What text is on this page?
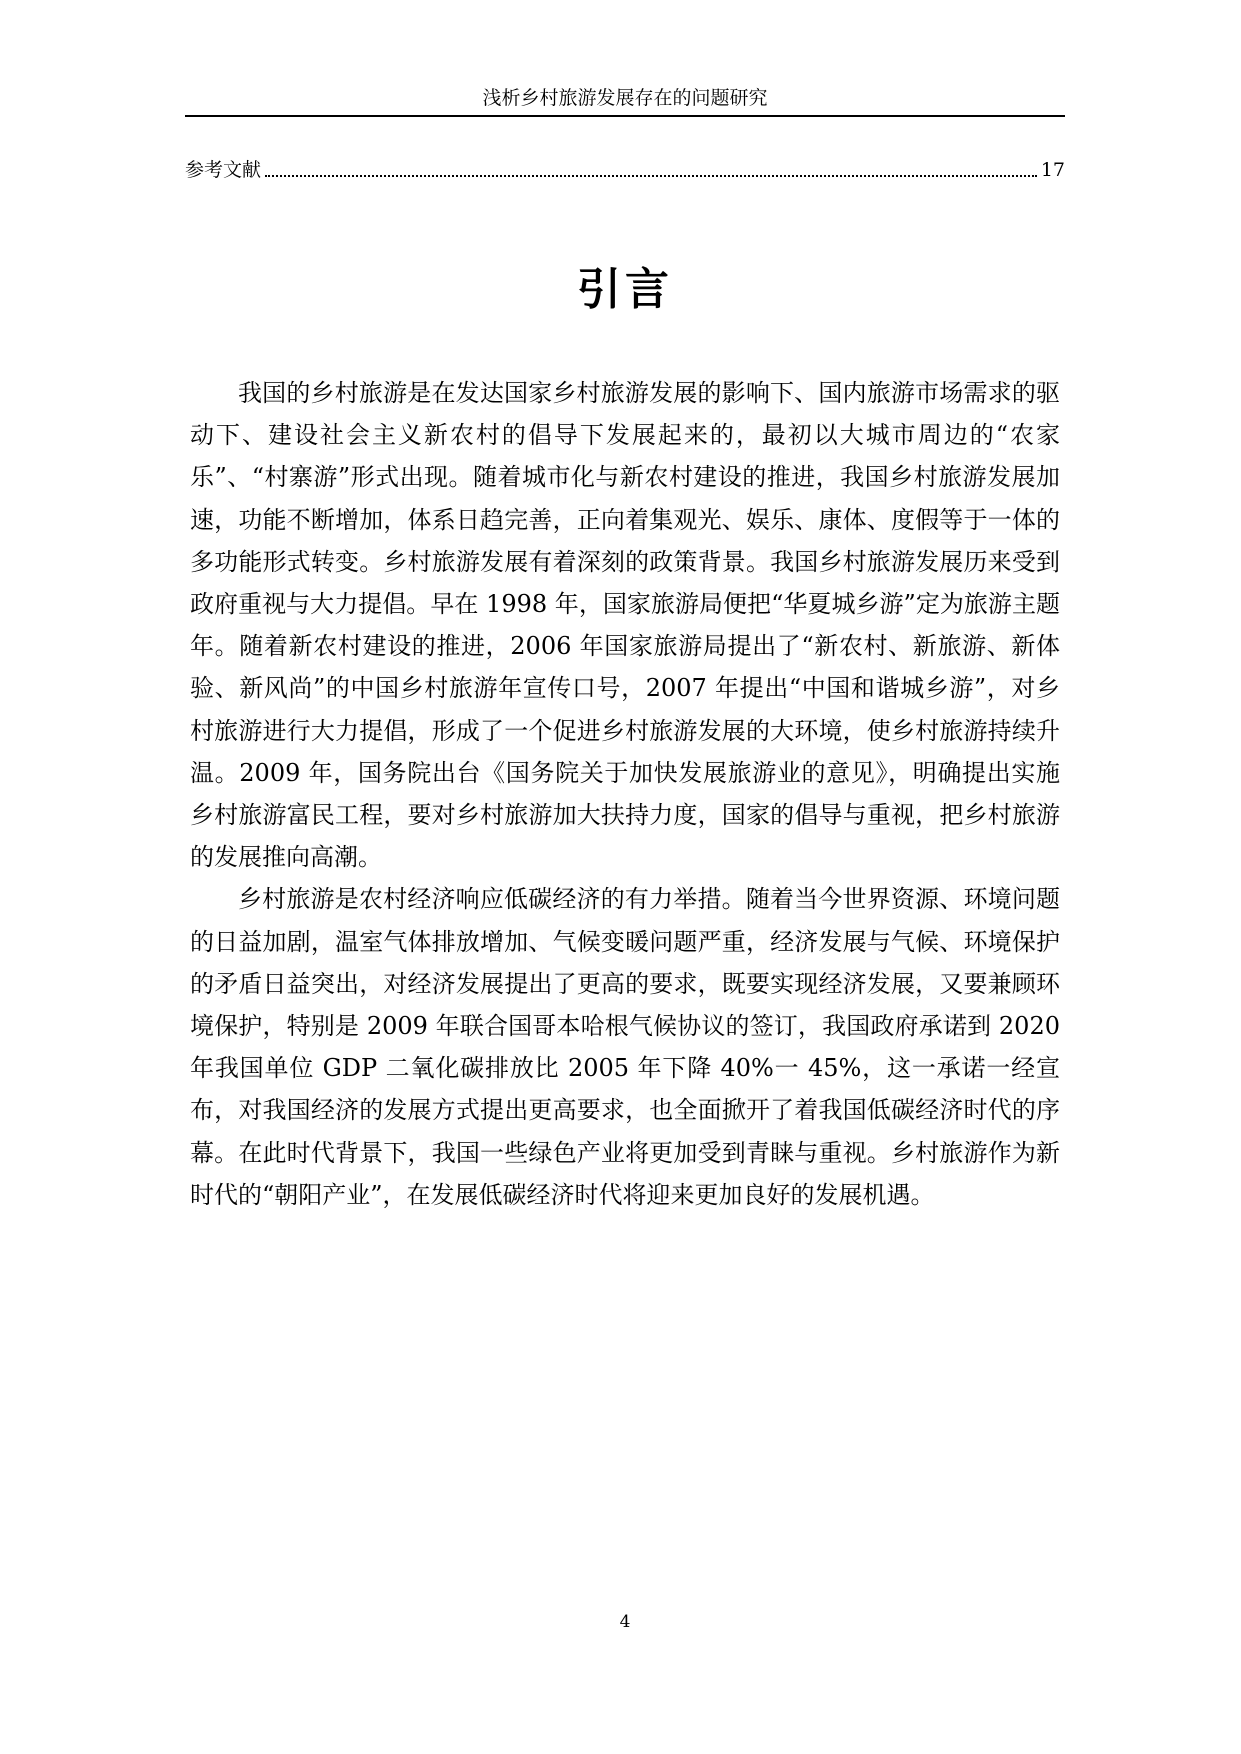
浅析乡村旅游发展存在的问题研究
参考文献	17
引言

我国的乡村旅游是在发达国家乡村旅游发展的影响下、国内旅游市场需求的驱动下、建设社会主义新农村的倡导下发展起来的，最初以大城市周边的“农家乐”、“村寨游”形式出现。随着城市化与新农村建设的推进，我国乡村旅游发展加速，功能不断增加，体系日趋完善，正向着集观光、娱乐、康体、度假等于一体的多功能形式转变。乡村旅游发展有着深刻的政策背景。我国乡村旅游发展历来受到政府重视与大力提倡。早在 1998 年，国家旅游局便把“华夏城乡游”定为旅游主题年。随着新农村建设的推进，2006 年国家旅游局提出了“新农村、新旅游、新体验、新风尚”的中国乡村旅游年宣传口号，2007 年提出“中国和谐城乡游”，对乡村旅游进行大力提倡，形成了一个促进乡村旅游发展的大环境，使乡村旅游持续升温。2009 年，国务院出台《国务院关于加快发展旅游业的意见》，明确提出实施乡村旅游富民工程，要对乡村旅游加大扶持力度，国家的倡导与重视，把乡村旅游的发展推向高潮。

乡村旅游是农村经济响应低碳经济的有力举措。随着当今世界资源、环境问题的日益加剧，温室气体排放增加、气候变暖问题严重，经济发展与气候、环境保护的矛盾日益突出，对经济发展提出了更高的要求，既要实现经济发展，又要兼顾环境保护，特别是 2009 年联合国哥本哈根气候协议的签订，我国政府承诺到 2020 年我国单位 GDP 二氧化碳排放比 2005 年下降 40%一 45%，这一承诺一经宣布，对我国经济的发展方式提出更高要求，也全面掀开了着我国低碳经济时代的序幕。在此时代背景下，我国一些绿色产业将更加受到青睐与重视。乡村旅游作为新时代的“朝阳产业”，在发展低碳经济时代将迎来更加良好的发展机遇。

4
